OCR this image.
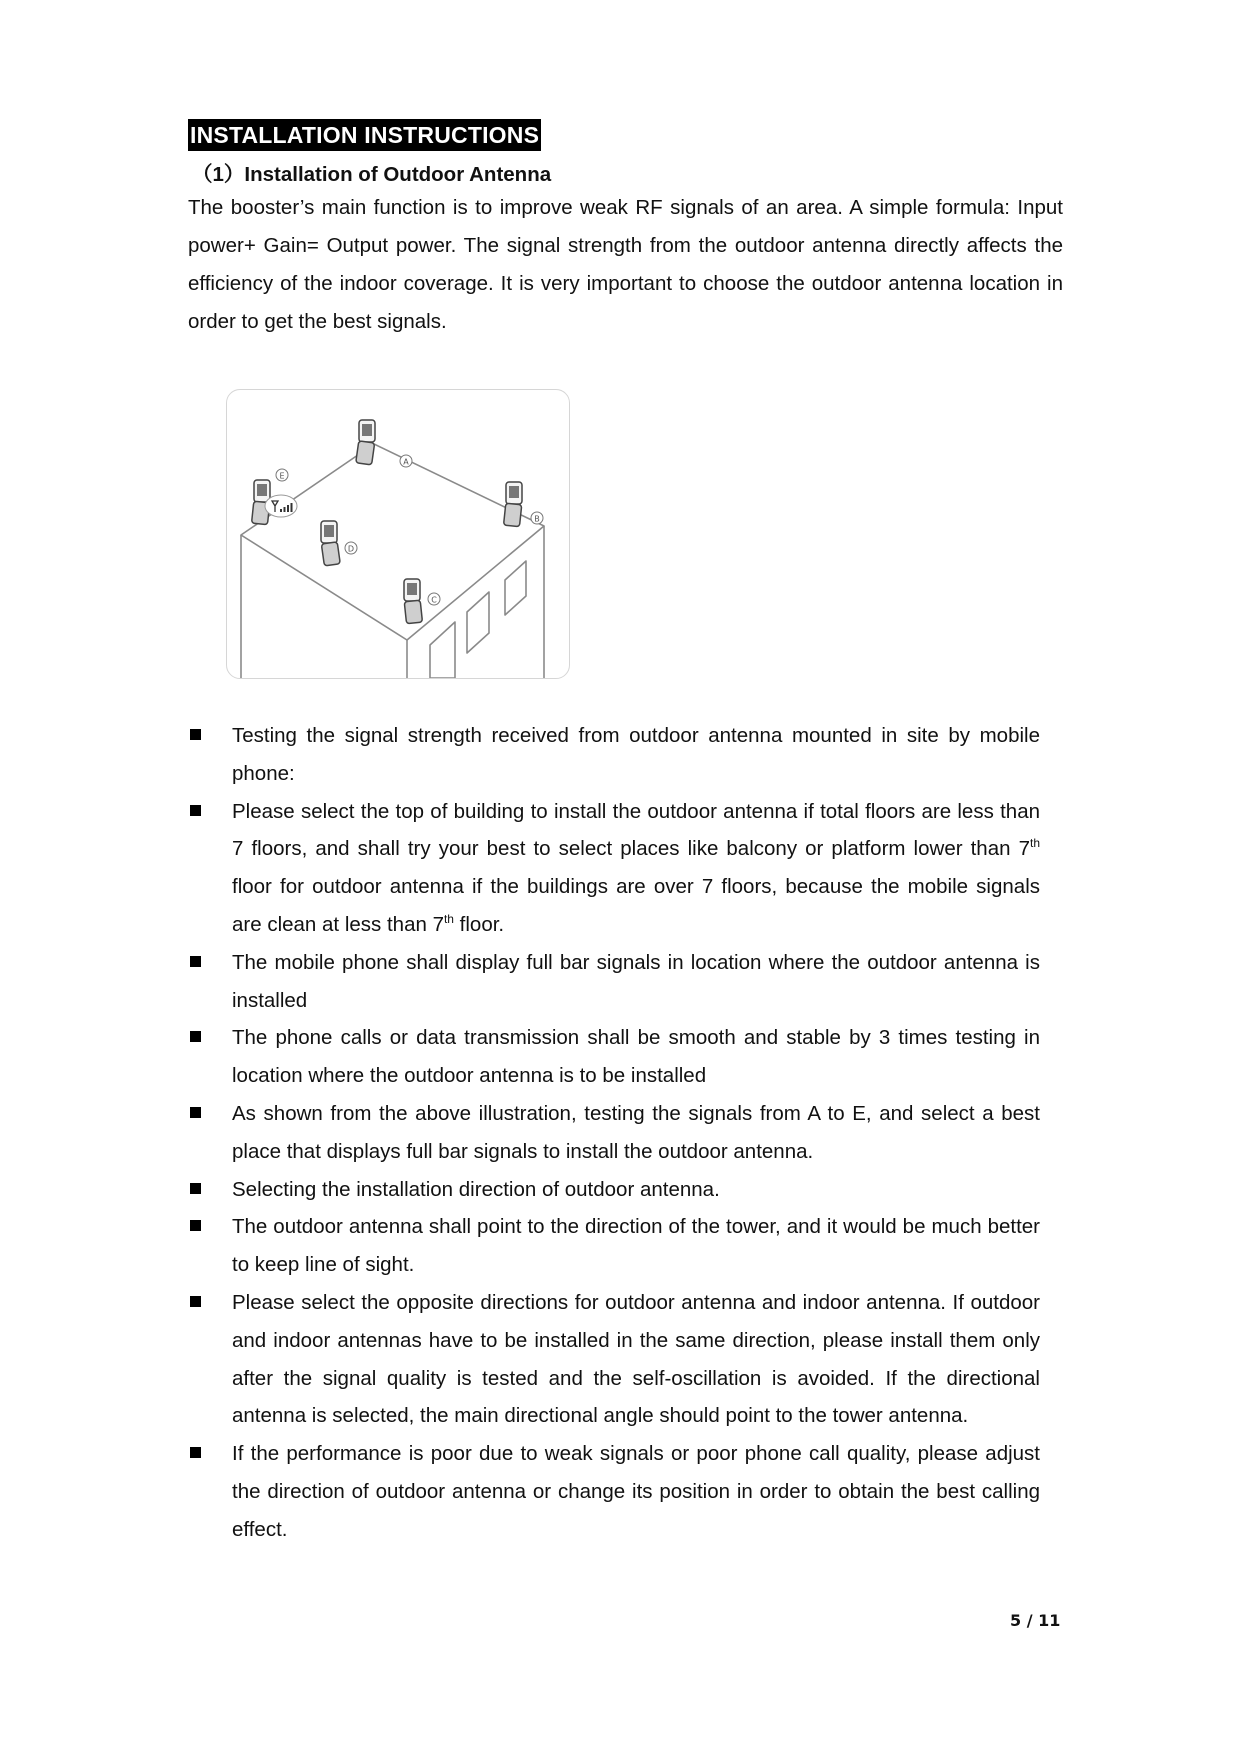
INSTALLATION INSTRUCTIONS
（1）Installation of Outdoor Antenna

The booster’s main function is to improve weak RF signals of an area. A simple formula: Input power+ Gain= Output power. The signal strength from the outdoor antenna directly affects the efficiency of the indoor coverage. It is very important to choose the outdoor antenna location in order to get the best signals.

A
B
C
D
E
Testing the signal strength received from outdoor antenna mounted in site by mobile phone:
Please select the top of building to install the outdoor antenna if total floors are less than 7 floors, and shall try your best to select places like balcony or platform lower than 7th floor for outdoor antenna if the buildings are over 7 floors, because the mobile signals are clean at less than 7th floor.
The mobile phone shall display full bar signals in location where the outdoor antenna is installed
The phone calls or data transmission shall be smooth and stable by 3 times testing in location where the outdoor antenna is to be installed
As shown from the above illustration, testing the signals from A to E, and select a best place that displays full bar signals to install the outdoor antenna.
Selecting the installation direction of outdoor antenna.
The outdoor antenna shall point to the direction of the tower, and it would be much better to keep line of sight.
Please select the opposite directions for outdoor antenna and indoor antenna. If outdoor and indoor antennas have to be installed in the same direction, please install them only after the signal quality is tested and the self-oscillation is avoided. If the directional antenna is selected, the main directional angle should point to the tower antenna.
If the performance is poor due to weak signals or poor phone call quality, please adjust the direction of outdoor antenna or change its position in order to obtain the best calling effect.
5 / 11
